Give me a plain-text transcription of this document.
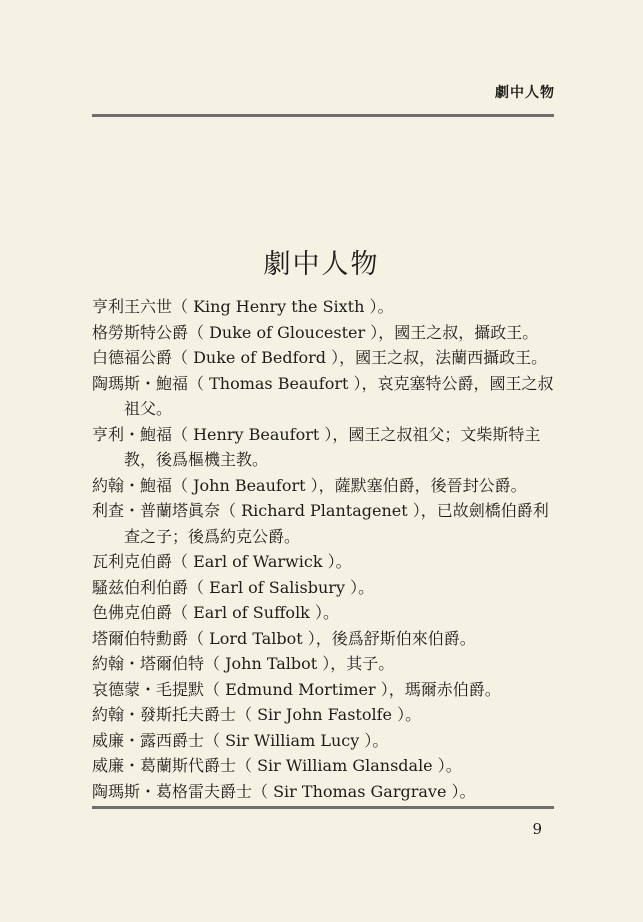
劇中人物
劇中人物
亨利王六世（ King Henry the Sixth ）。
格勞斯特公爵（ Duke of Gloucester ），國王之叔，攝政王。
白德福公爵（ Duke of Bedford ），國王之叔，法蘭西攝政王。
陶瑪斯・鮑福（ Thomas Beaufort ），哀克塞特公爵，國王之叔祖父。
亨利・鮑福（ Henry Beaufort ），國王之叔祖父；文柴斯特主教，後爲樞機主教。
約翰・鮑福（ John Beaufort ），薩默塞伯爵，後晉封公爵。
利查・普蘭塔眞奈（ Richard Plantagenet ），已故劍橋伯爵利查之子；後爲約克公爵。
瓦利克伯爵（ Earl of Warwick ）。
騷兹伯利伯爵（ Earl of Salisbury ）。
色佛克伯爵（ Earl of Suffolk ）。
塔爾伯特勳爵（ Lord Talbot ），後爲舒斯伯來伯爵。
約翰・塔爾伯特（ John Talbot ），其子。
哀德蒙・毛提默（ Edmund Mortimer ），瑪爾赤伯爵。
約翰・發斯托夫爵士（ Sir John Fastolfe ）。
威廉・露西爵士（ Sir William Lucy ）。
威廉・葛蘭斯代爵士（ Sir William Glansdale ）。
陶瑪斯・葛格雷夫爵士（ Sir Thomas Gargrave ）。
9
